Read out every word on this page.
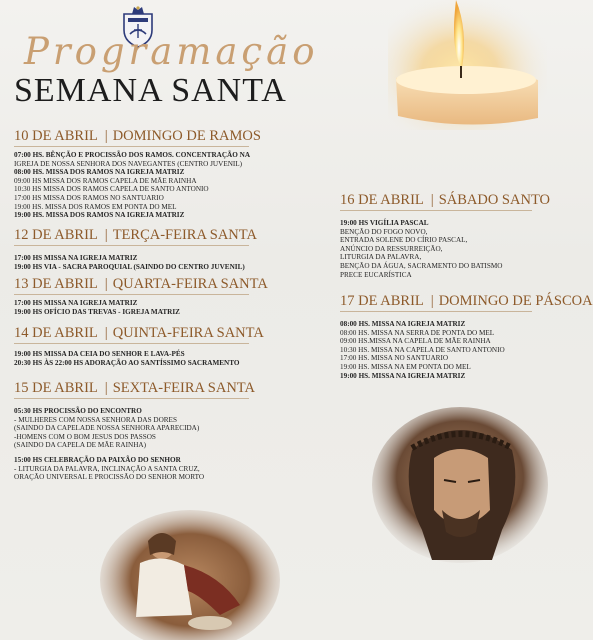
Programação
SEMANA SANTA
10 DE ABRIL | DOMINGO DE RAMOS
07:00 HS. BÊNÇÃO E PROCISSÃO DOS RAMOS. CONCENTRAÇÃO NA
IGREJA DE NOSSA SENHORA DOS NAVEGANTES (CENTRO JUVENIL)
08:00 HS. MISSA DOS RAMOS NA IGREJA MATRIZ
09:00 HS MISSA DOS RAMOS CAPELA DE MÃE RAINHA
10:30 HS MISSA DOS RAMOS CAPELA DE SANTO ANTONIO
17:00 HS MISSA DOS RAMOS NO SANTUARIO
19:00 HS. MISSA DOS RAMOS EM PONTA DO MEL
19:00 HS. MISSA DOS RAMOS NA IGREJA MATRIZ
12 DE ABRIL | TERÇA-FEIRA SANTA
17:00 HS MISSA NA IGREJA MATRIZ
19:00 HS VIA - SACRA PAROQUIAL (SAINDO DO CENTRO JUVENIL)
13 DE ABRIL | QUARTA-FEIRA SANTA
17:00 HS MISSA NA IGREJA MATRIZ
19:00 HS OFÍCIO DAS TREVAS - IGREJA MATRIZ
14 DE ABRIL | QUINTA-FEIRA SANTA
19:00 HS MISSA DA CEIA DO SENHOR E LAVA-PÉS
20:30 HS ÀS 22:00 HS ADORAÇÃO AO SANTÍSSIMO SACRAMENTO
15 DE ABRIL | SEXTA-FEIRA SANTA
05:30 HS PROCISSÃO DO ENCONTRO
- MULHERES COM NOSSA SENHORA DAS DORES
(SAINDO DA CAPELADE NOSSA SENHORA APARECIDA)
-HOMENS COM O BOM JESUS DOS PASSOS
(SAINDO DA CAPELA DE MÃE RAINHA)
15:00 HS CELEBRAÇÃO DA PAIXÃO DO SENHOR
- LITURGIA DA PALAVRA, INCLINAÇÃO A SANTA CRUZ,
ORAÇÃO UNIVERSAL E PROCISSÃO DO SENHOR MORTO
16 DE ABRIL | SÁBADO SANTO
19:00 HS VIGÍLIA PASCAL
BENÇÃO DO FOGO NOVO,
ENTRADA SOLENE DO CÍRIO PASCAL,
ANÚNCIO DA RESSURREIÇÃO,
LITURGIA DA PALAVRA,
BENÇÃO DA ÁGUA, SACRAMENTO DO BATISMO
PRECE EUCARÍSTICA
17 DE ABRIL | DOMINGO DE PÁSCOA
08:00 HS. MISSA NA IGREJA MATRIZ
08:00 HS. MISSA NA SERRA DE PONTA DO MEL
09:00 HS.MISSA NA CAPELA DE MÃE RAINHA
10:30 HS. MISSA NA CAPELA DE SANTO ANTONIO
17:00 HS. MISSA NO SANTUARIO
19:00 HS. MISSA NA EM PONTA DO MEL
19:00 HS. MISSA NA IGREJA MATRIZ
